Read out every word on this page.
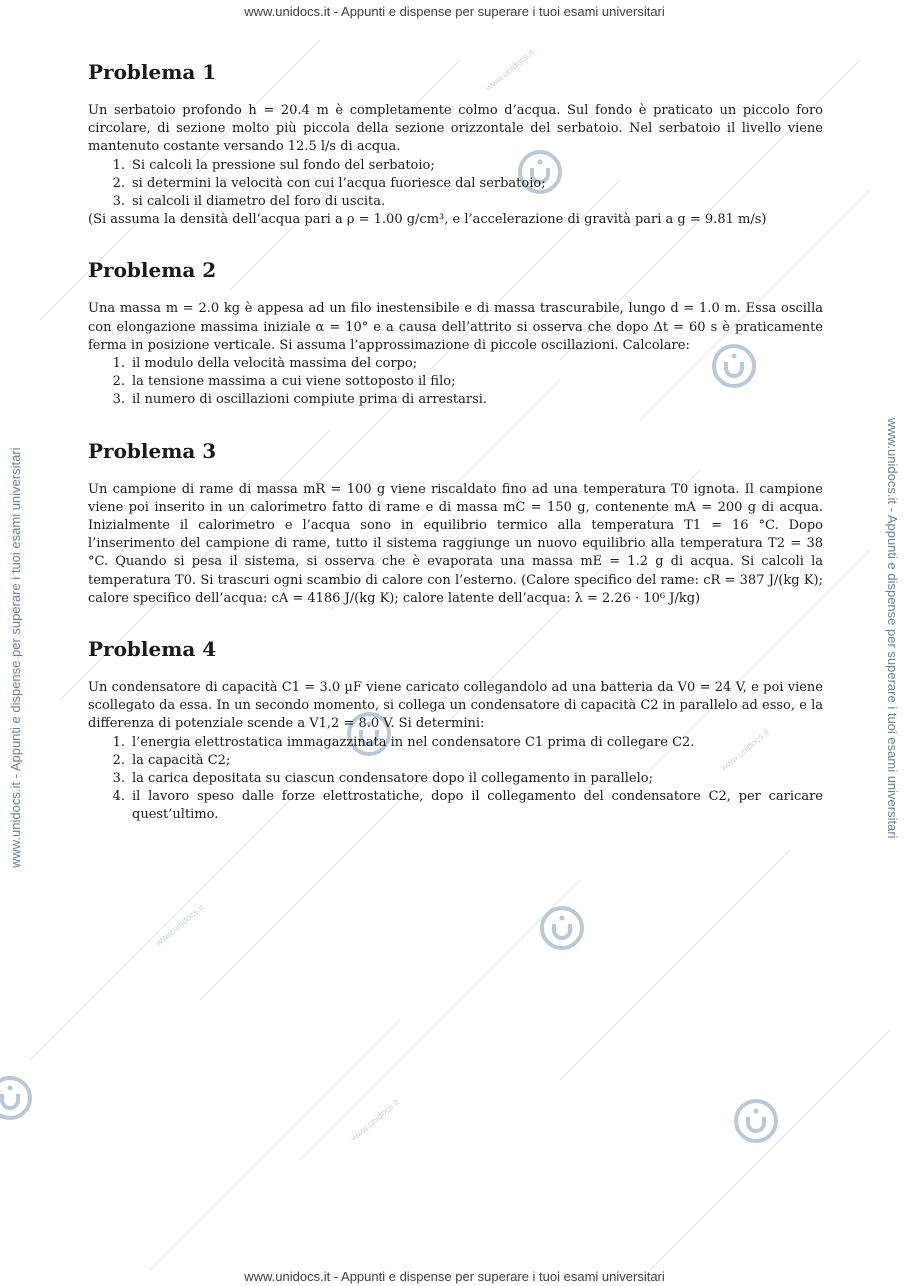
www.unidocs.it
www.unidocs.it
www.unidocs.it
www.unidocs.it
www.unidocs.it - Appunti e dispense per superare i tuoi esami universitari
www.unidocs.it - Appunti e dispense per superare i tuoi esami universitari
www.unidocs.it - Appunti e dispense per superare i tuoi esami universitari	www.unidocs.it - Appunti e dispense per superare i tuoi esami universitari
Problema 1

Un serbatoio profondo h = 20.4 m è completamente colmo d’acqua. Sul fondo è praticato un piccolo foro circolare, di sezione molto più piccola della sezione orizzontale del serbatoio. Nel serbatoio il livello viene mantenuto costante versando 12.5 l/s di acqua.

1. Si calcoli la pressione sul fondo del serbatoio;
2. si determini la velocità con cui l’acqua fuoriesce dal serbatoio;
3. si calcoli il diametro del foro di uscita.

(Si assuma la densità dell’acqua pari a ρ = 1.00 g/cm³, e l’accelerazione di gravità pari a g = 9.81 m/s)

Problema 2

Una massa m = 2.0 kg è appesa ad un filo inestensibile e di massa trascurabile, lungo d = 1.0 m. Essa oscilla con elongazione massima iniziale α = 10° e a causa dell’attrito si osserva che dopo Δt = 60 s è praticamente ferma in posizione verticale. Si assuma l’approssimazione di piccole oscillazioni. Calcolare:

1. il modulo della velocità massima del corpo;
2. la tensione massima a cui viene sottoposto il filo;
3. il numero di oscillazioni compiute prima di arrestarsi.
Problema 3

Un campione di rame di massa mR = 100 g viene riscaldato fino ad una temperatura T0 ignota. Il campione viene poi inserito in un calorimetro fatto di rame e di massa mC = 150 g, contenente mA = 200 g di acqua. Inizialmente il calorimetro e l’acqua sono in equilibrio termico alla temperatura T1 = 16 °C. Dopo l’inserimento del campione di rame, tutto il sistema raggiunge un nuovo equilibrio alla temperatura T2 = 38 °C. Quando si pesa il sistema, si osserva che è evaporata una massa mE = 1.2 g di acqua. Si calcoli la temperatura T0. Si trascuri ogni scambio di calore con l’esterno. (Calore specifico del rame: cR = 387 J/(kg K); calore specifico dell’acqua: cA = 4186 J/(kg K); calore latente dell’acqua: λ = 2.26 · 10⁶ J/kg)

Problema 4

Un condensatore di capacità C1 = 3.0 µF viene caricato collegandolo ad una batteria da V0 = 24 V, e poi viene scollegato da essa. In un secondo momento, si collega un condensatore di capacità C2 in parallelo ad esso, e la differenza di potenziale scende a V1,2 = 8.0 V. Si determini:

1. l’energia elettrostatica immagazzinata in nel condensatore C1 prima di collegare C2.
2. la capacità C2;
3. la carica depositata su ciascun condensatore dopo il collegamento in parallelo;
4. il lavoro speso dalle forze elettrostatiche, dopo il collegamento del condensatore C2, per caricare quest’ultimo.
